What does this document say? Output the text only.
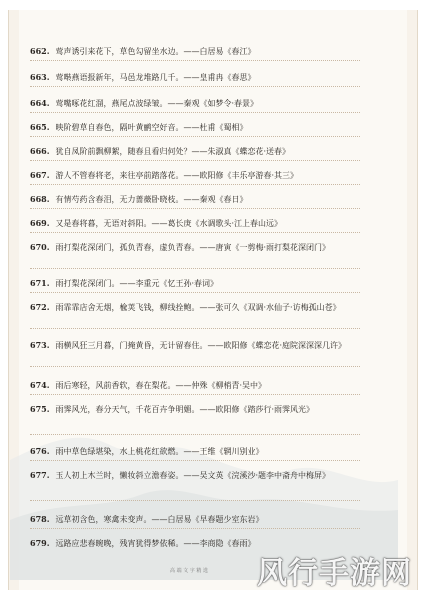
662. 莺声诱引来花下，草色勾留坐水边。——白居易《春江》
663. 莺啭燕语报新年，马邑龙堆路几千。——皇甫冉《春思》
664. 莺嘴啄花红溜，燕尾点波绿皱。——秦观《如梦令·春景》
665. 映阶碧草自春色，隔叶黄鹂空好音。——杜甫《蜀相》
666. 犹自凤阶前飘柳絮，随春且看归何处？——朱淑真《蝶恋花·送春》
667. 游人不管春将老，来往亭前踏落花。——欧阳修《丰乐亭游春·其三》
668. 有情芍药含春泪，无力蔷薇卧晓枝。——秦观《春日》
669. 又是春将暮，无语对斜阳。——葛长庚《水调歌头·江上春山远》
670. 雨打梨花深闭门，孤负青春，虚负青春。——唐寅《一剪梅·雨打梨花深闭门》
671. 雨打梨花深闭门。——李重元《忆王孙·春词》
672. 雨霏霏店舍无烟，楡荚飞钱，柳线拴鲍。——张可久《双调·水仙子·访梅孤山苍》
673. 雨横风狂三月暮，门掩黄昏，无计留春住。——欧阳修《蝶恋花·庭院深深深几许》
674. 雨后寒轻，风前香软，春在梨花。——仲殊《柳梢青·吴中》
675. 雨霁风光，春分天气，千花百卉争明媚。——欧阳修《踏莎行·雨霁风光》
676. 雨中草色绿堪染，水上桃花红欲燃。——王维《辋川别业》
677. 玉人初上木兰时，懒妆斜立澹春姿。——吴文英《浣溪沙·题李中斋舟中梅屏》
678. 远草初含色，寒禽未变声。——白居易《早春题少室东岩》
679. 远路应悲春晼晚，残宵犹得梦依稀。——李商隐《春雨》
高 端 文 字 精 选 风行手游网
